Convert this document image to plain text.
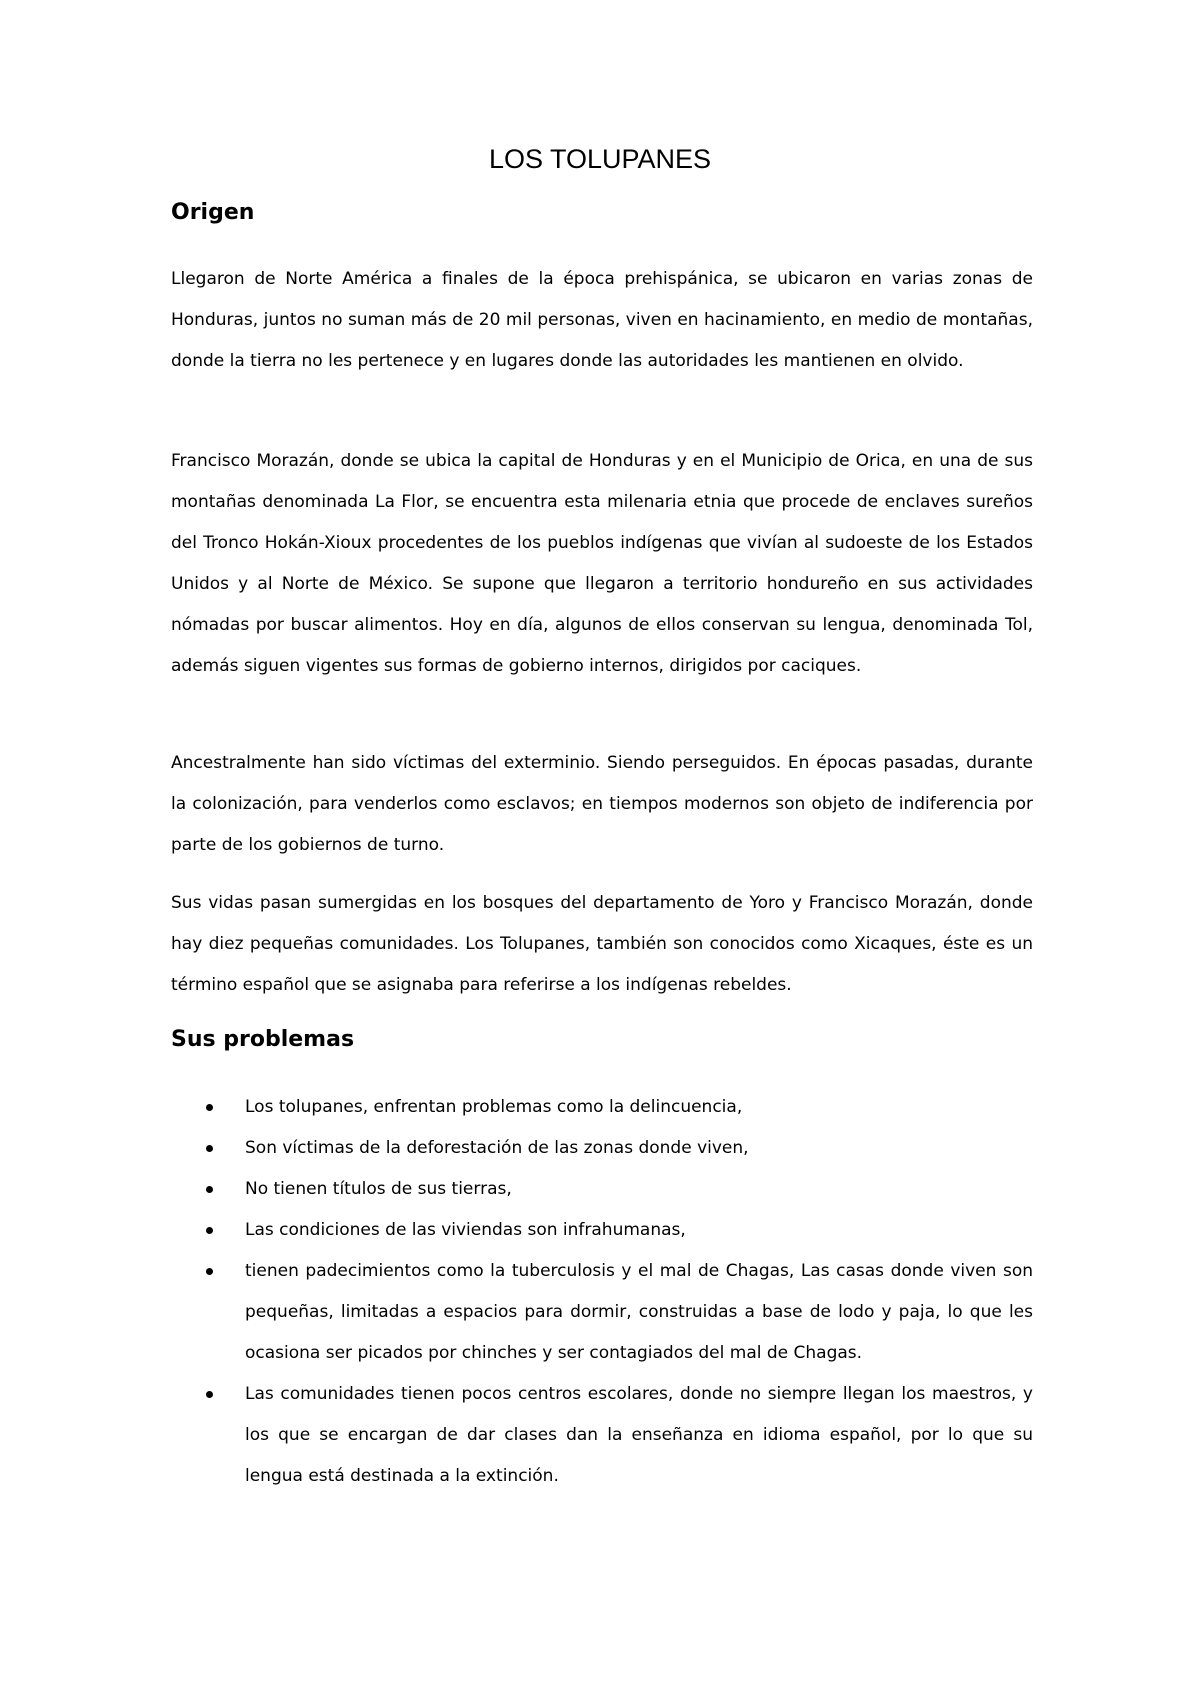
LOS TOLUPANES
Origen

Llegaron de Norte América a finales de la época prehispánica, se ubicaron en varias zonas de Honduras, juntos no suman más de 20 mil personas, viven en hacinamiento, en medio de montañas, donde la tierra no les pertenece y en lugares donde las autoridades les mantienen en olvido.

Francisco Morazán, donde se ubica la capital de Honduras y en el Municipio de Orica, en una de sus montañas denominada La Flor, se encuentra esta milenaria etnia que procede de enclaves sureños del Tronco Hokán-Xioux procedentes de los pueblos indígenas que vivían al sudoeste de los Estados Unidos y al Norte de México. Se supone que llegaron a territorio hondureño en sus actividades nómadas por buscar alimentos. Hoy en día, algunos de ellos conservan su lengua, denominada Tol, además siguen vigentes sus formas de gobierno internos, dirigidos por caciques.

Ancestralmente han sido víctimas del exterminio. Siendo perseguidos. En épocas pasadas, durante la colonización, para venderlos como esclavos; en tiempos modernos son objeto de indiferencia por parte de los gobiernos de turno.

Sus vidas pasan sumergidas en los bosques del departamento de Yoro y Francisco Morazán, donde hay diez pequeñas comunidades. Los Tolupanes, también son conocidos como Xicaques, éste es un término español que se asignaba para referirse a los indígenas rebeldes.

Sus problemas
Los tolupanes, enfrentan problemas como la delincuencia,
Son víctimas de la deforestación de las zonas donde viven,
No tienen títulos de sus tierras,
Las condiciones de las viviendas son infrahumanas,
tienen padecimientos como la tuberculosis y el mal de Chagas, Las casas donde viven son pequeñas, limitadas a espacios para dormir, construidas a base de lodo y paja, lo que les ocasiona ser picados por chinches y ser contagiados del mal de Chagas.
Las comunidades tienen pocos centros escolares, donde no siempre llegan los maestros, y los que se encargan de dar clases dan la enseñanza en idioma español, por lo que su lengua está destinada a la extinción.
